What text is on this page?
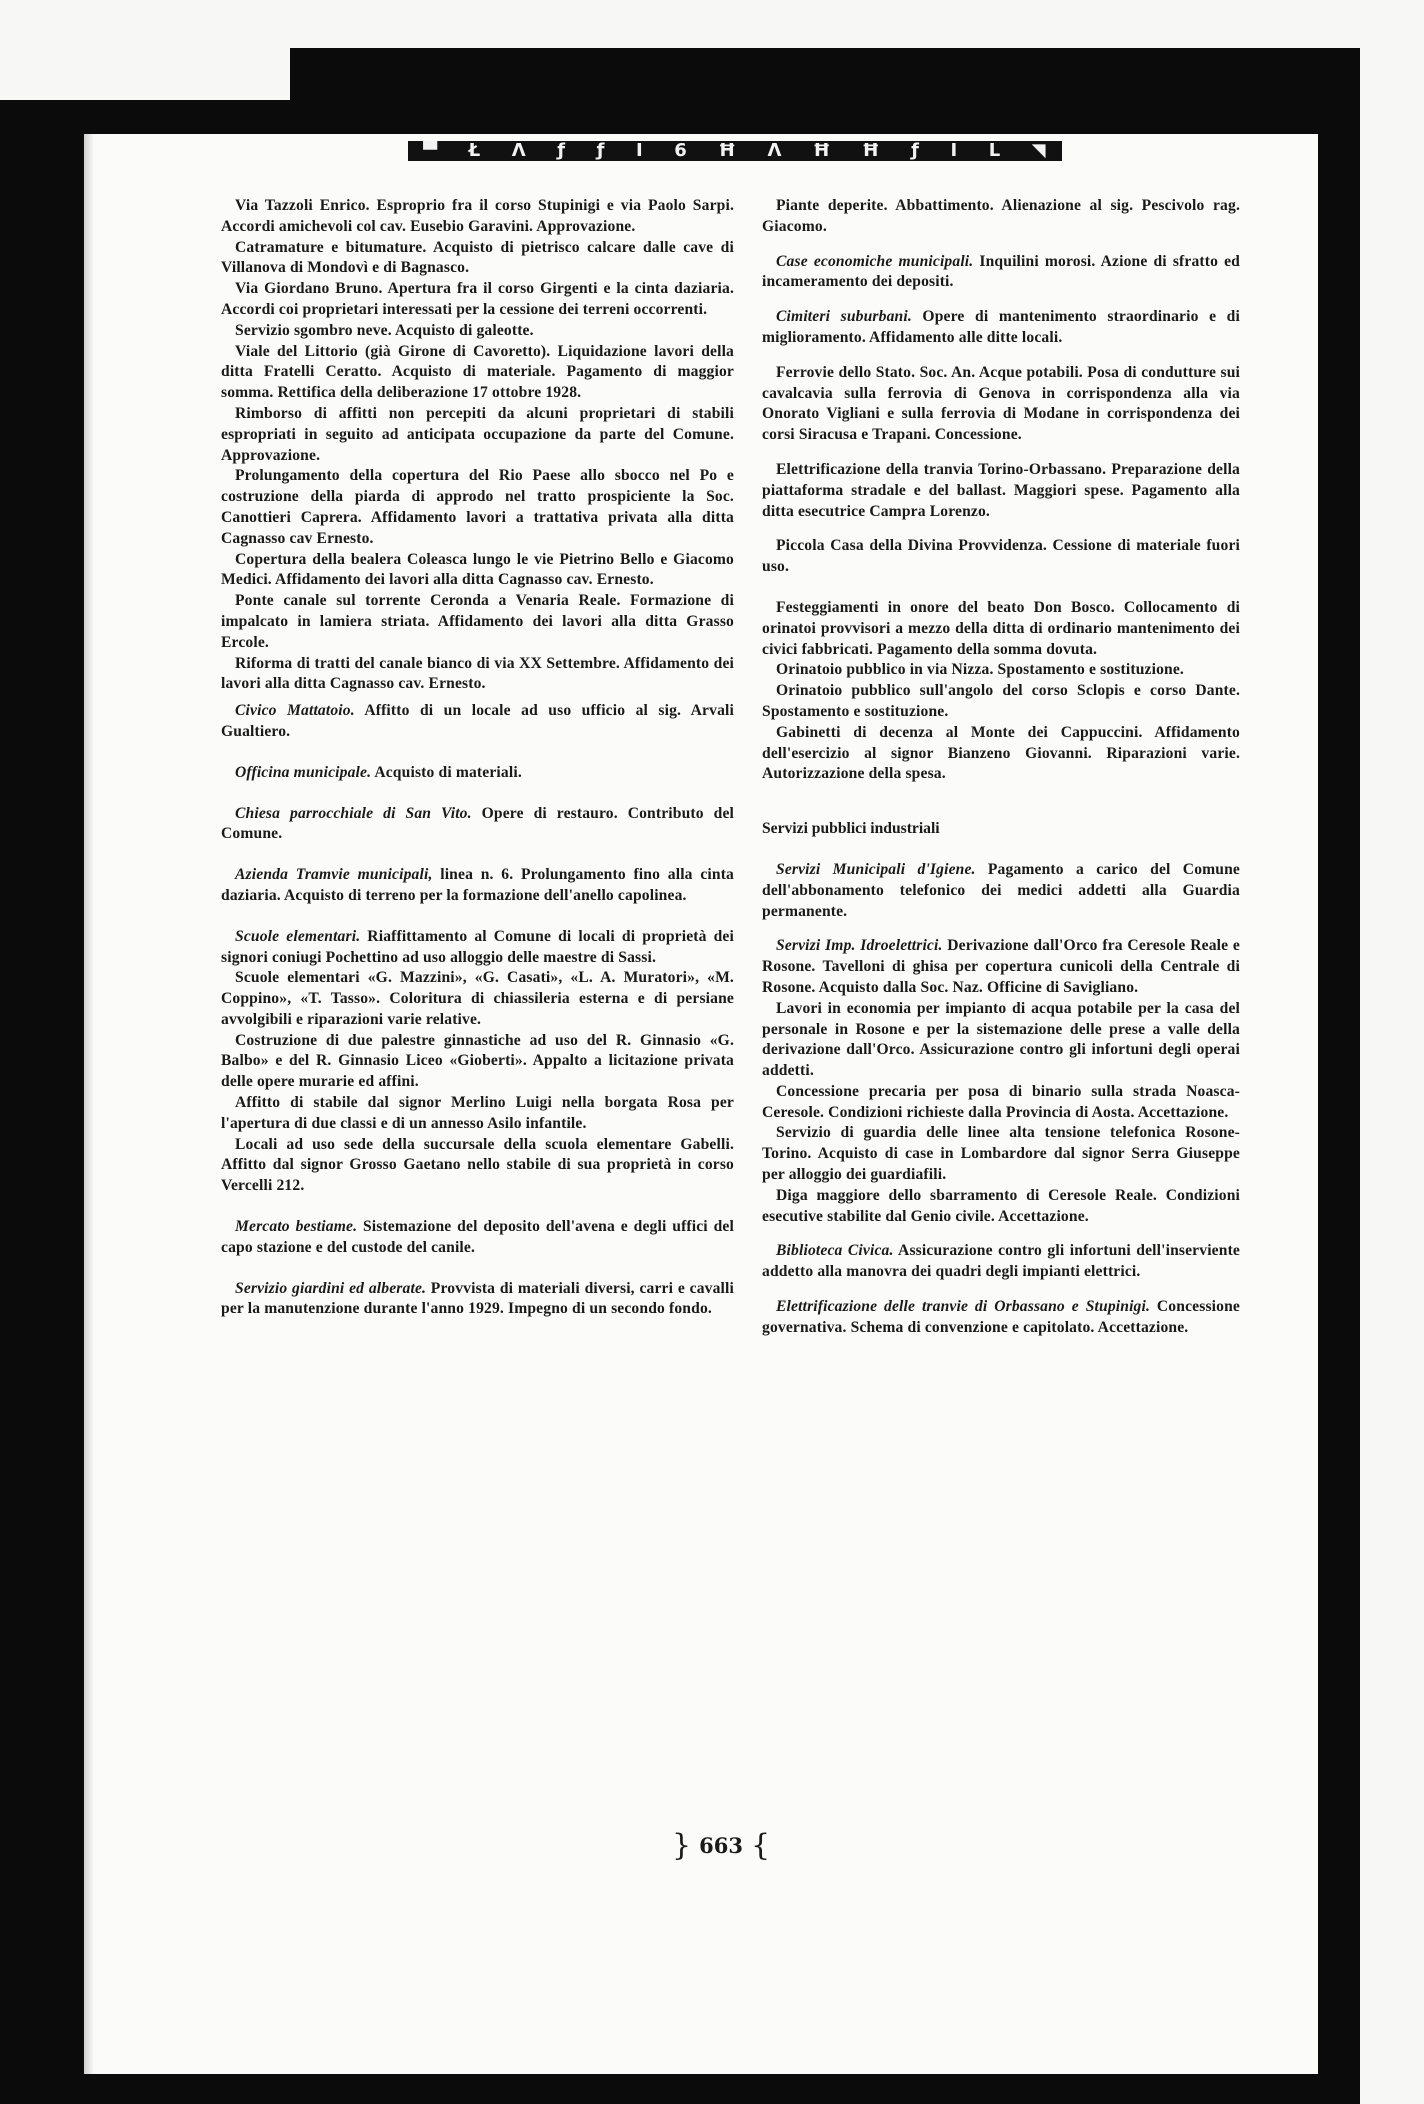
▀ Ł Λ ƒ ƒ I 6 Ħ Λ Ħ Ħ ƒ I L ◥

Via Tazzoli Enrico. Esproprio fra il corso Stupinigi e via Paolo Sarpi. Accordi amichevoli col cav. Eusebio Garavini. Approvazione.

Catramature e bitumature. Acquisto di pietrisco calcare dalle cave di Villanova di Mondovì e di Bagnasco.

Via Giordano Bruno. Apertura fra il corso Girgenti e la cinta daziaria. Accordi coi proprietari interessati per la cessione dei terreni occorrenti.

Servizio sgombro neve. Acquisto di galeotte.

Viale del Littorio (già Girone di Cavoretto). Liquidazione lavori della ditta Fratelli Ceratto. Acquisto di materiale. Pagamento di maggior somma. Rettifica della deliberazione 17 ottobre 1928.

Rimborso di affitti non percepiti da alcuni proprietari di stabili espropriati in seguito ad anticipata occupazione da parte del Comune. Approvazione.

Prolungamento della copertura del Rio Paese allo sbocco nel Po e costruzione della piarda di approdo nel tratto prospiciente la Soc. Canottieri Caprera. Affidamento lavori a trattativa privata alla ditta Cagnasso cav Ernesto.

Copertura della bealera Coleasca lungo le vie Pietrino Bello e Giacomo Medici. Affidamento dei lavori alla ditta Cagnasso cav. Ernesto.

Ponte canale sul torrente Ceronda a Venaria Reale. Formazione di impalcato in lamiera striata. Affidamento dei lavori alla ditta Grasso Ercole.

Riforma di tratti del canale bianco di via XX Settembre. Affidamento dei lavori alla ditta Cagnasso cav. Ernesto.

Civico Mattatoio. Affitto di un locale ad uso ufficio al sig. Arvali Gualtiero.

Officina municipale. Acquisto di materiali.

Chiesa parrocchiale di San Vito. Opere di restauro. Contributo del Comune.

Azienda Tramvie municipali, linea n. 6. Prolungamento fino alla cinta daziaria. Acquisto di terreno per la formazione dell'anello capolinea.

Scuole elementari. Riaffittamento al Comune di locali di proprietà dei signori coniugi Pochettino ad uso alloggio delle maestre di Sassi.

Scuole elementari «G. Mazzini», «G. Casati», «L. A. Muratori», «M. Coppino», «T. Tasso». Coloritura di chiassileria esterna e di persiane avvolgibili e riparazioni varie relative.

Costruzione di due palestre ginnastiche ad uso del R. Ginnasio «G. Balbo» e del R. Ginnasio Liceo «Gioberti». Appalto a licitazione privata delle opere murarie ed affini.

Affitto di stabile dal signor Merlino Luigi nella borgata Rosa per l'apertura di due classi e di un annesso Asilo infantile.

Locali ad uso sede della succursale della scuola elementare Gabelli. Affitto dal signor Grosso Gaetano nello stabile di sua proprietà in corso Vercelli 212.

Mercato bestiame. Sistemazione del deposito dell'avena e degli uffici del capo stazione e del custode del canile.

Servizio giardini ed alberate. Provvista di materiali diversi, carri e cavalli per la manutenzione durante l'anno 1929. Impegno di un secondo fondo.

Piante deperite. Abbattimento. Alienazione al sig. Pescivolo rag. Giacomo.

Case economiche municipali. Inquilini morosi. Azione di sfratto ed incameramento dei depositi.

Cimiteri suburbani. Opere di mantenimento straordinario e di miglioramento. Affidamento alle ditte locali.

Ferrovie dello Stato. Soc. An. Acque potabili. Posa di condutture sui cavalcavia sulla ferrovia di Genova in corrispondenza alla via Onorato Vigliani e sulla ferrovia di Modane in corrispondenza dei corsi Siracusa e Trapani. Concessione.

Elettrificazione della tranvia Torino-Orbassano. Preparazione della piattaforma stradale e del ballast. Maggiori spese. Pagamento alla ditta esecutrice Campra Lorenzo.

Piccola Casa della Divina Provvidenza. Cessione di materiale fuori uso.

Festeggiamenti in onore del beato Don Bosco. Collocamento di orinatoi provvisori a mezzo della ditta di ordinario mantenimento dei civici fabbricati. Pagamento della somma dovuta.

Orinatoio pubblico in via Nizza. Spostamento e sostituzione.

Orinatoio pubblico sull'angolo del corso Sclopis e corso Dante. Spostamento e sostituzione.

Gabinetti di decenza al Monte dei Cappuccini. Affidamento dell'esercizio al signor Bianzeno Giovanni. Riparazioni varie. Autorizzazione della spesa.

Servizi pubblici industriali

Servizi Municipali d'Igiene. Pagamento a carico del Comune dell'abbonamento telefonico dei medici addetti alla Guardia permanente.

Servizi Imp. Idroelettrici. Derivazione dall'Orco fra Ceresole Reale e Rosone. Tavelloni di ghisa per copertura cunicoli della Centrale di Rosone. Acquisto dalla Soc. Naz. Officine di Savigliano.

Lavori in economia per impianto di acqua potabile per la casa del personale in Rosone e per la sistemazione delle prese a valle della derivazione dall'Orco. Assicurazione contro gli infortuni degli operai addetti.

Concessione precaria per posa di binario sulla strada Noasca-Ceresole. Condizioni richieste dalla Provincia di Aosta. Accettazione.

Servizio di guardia delle linee alta tensione telefonica Rosone-Torino. Acquisto di case in Lombardore dal signor Serra Giuseppe per alloggio dei guardiafili.

Diga maggiore dello sbarramento di Ceresole Reale. Condizioni esecutive stabilite dal Genio civile. Accettazione.

Biblioteca Civica. Assicurazione contro gli infortuni dell'inserviente addetto alla manovra dei quadri degli impianti elettrici.

Elettrificazione delle tranvie di Orbassano e Stupinigi. Concessione governativa. Schema di convenzione e capitolato. Accettazione.

} 663 {
